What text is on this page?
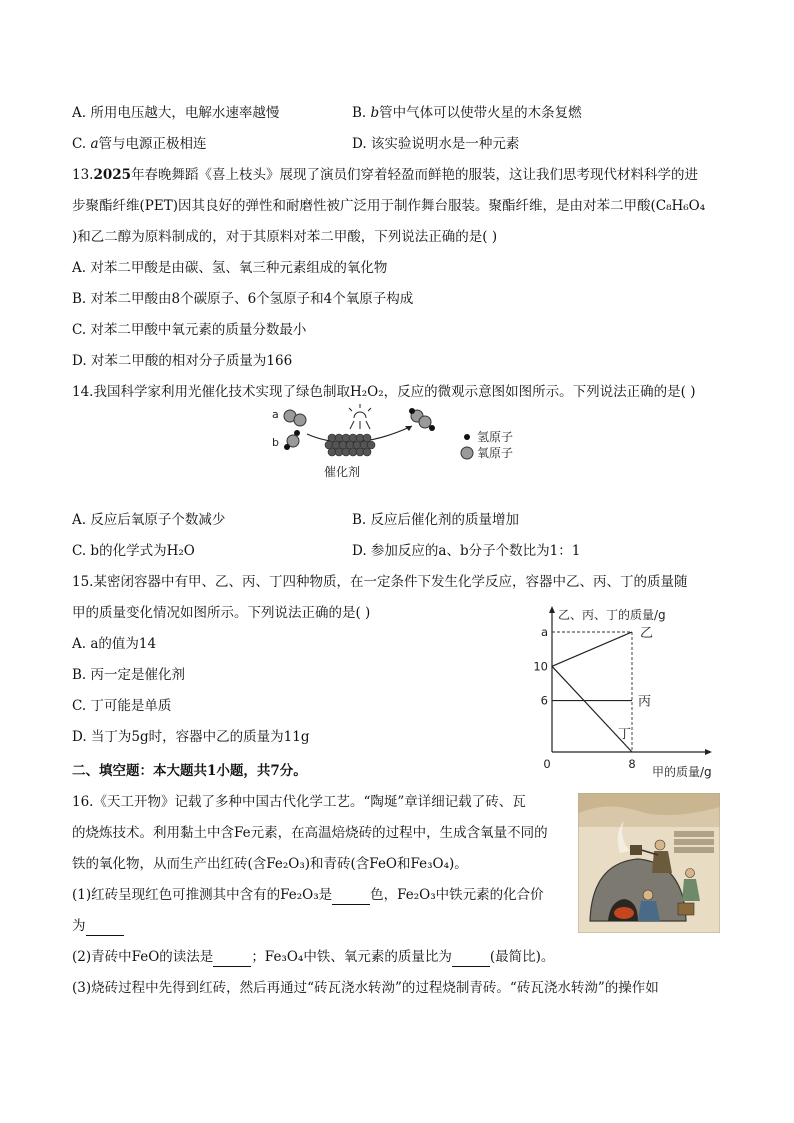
A. 所用电压越大，电解水速率越慢	B. b管中气体可以使带火星的木条复燃
C. a管与电源正极相连	D. 该实验说明水是一种元素
13.2025年春晚舞蹈《喜上枝头》展现了演员们穿着轻盈而鲜艳的服装，这让我们思考现代材料科学的进
步聚酯纤维(PET)因其良好的弹性和耐磨性被广泛用于制作舞台服装。聚酯纤维，是由对苯二甲酸(C₈H₆O₄
)和乙二醇为原料制成的，对于其原料对苯二甲酸，下列说法正确的是( )
A. 对苯二甲酸是由碳、氢、氧三种元素组成的氧化物
B. 对苯二甲酸由8个碳原子、6个氢原子和4个氧原子构成
C. 对苯二甲酸中氧元素的质量分数最小
D. 对苯二甲酸的相对分子质量为166
14.我国科学家利用光催化技术实现了绿色制取H₂O₂，反应的微观示意图如图所示。下列说法正确的是( )
a
b
催化剂
氢原子
氧原子
A. 反应后氧原子个数减少	B. 反应后催化剂的质量增加
C. b的化学式为H₂O	D. 参加反应的a、b分子个数比为1：1
15.某密闭容器中有甲、乙、丙、丁四种物质，在一定条件下发生化学反应，容器中乙、丙、丁的质量随
甲的质量变化情况如图所示。下列说法正确的是( )
A. a的值为14
B. 丙一定是催化剂
C. 丁可能是单质
D. 当丁为5g时，容器中乙的质量为11g
乙、丙、丁的质量/g
甲的质量/g
乙
丙
丁
6
10
a
0	8
二、填空题：本大题共1小题，共7分。
16.《天工开物》记载了多种中国古代化学工艺。“陶埏”章详细记载了砖、瓦
的烧炼技术。利用黏土中含Fe元素，在高温焙烧砖的过程中，生成含氧量不同的
铁的氧化物，从而生产出红砖(含Fe₂O₃)和青砖(含FeO和Fe₃O₄)。
(1)红砖呈现红色可推测其中含有的Fe₂O₃是	色，Fe₂O₃中铁元素的化合价
为
(2)青砖中FeO的读法是	；Fe₃O₄中铁、氧元素的质量比为	(最简比)。
(3)烧砖过程中先得到红砖，然后再通过“砖瓦浇水转泑”的过程烧制青砖。“砖瓦浇水转泑”的操作如
